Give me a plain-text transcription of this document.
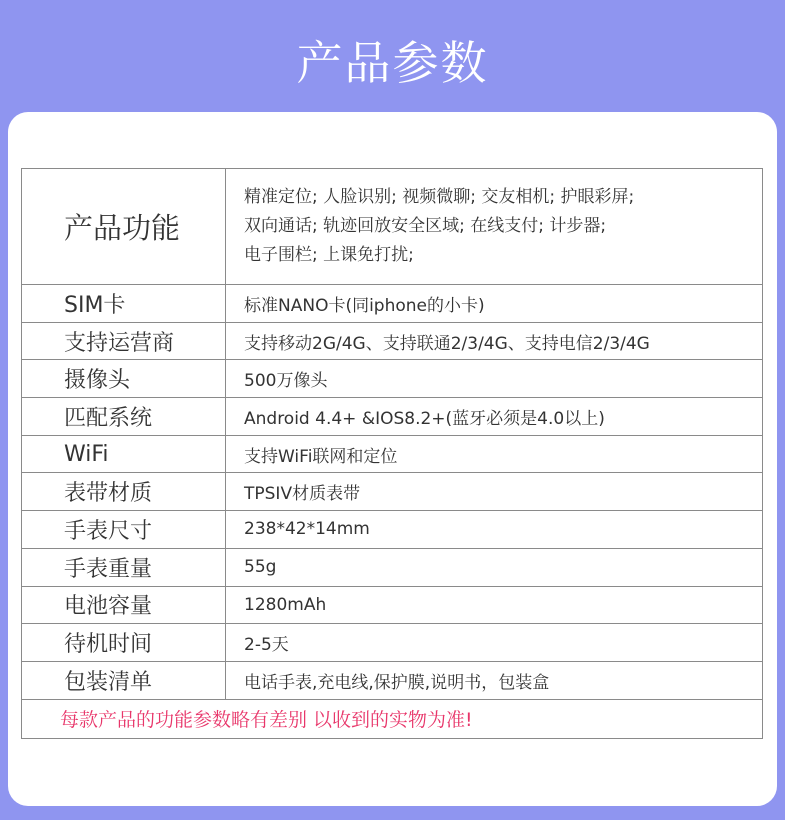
产品参数
产品功能	精准定位; 人脸识别; 视频微聊; 交友相机; 护眼彩屏;
双向通话; 轨迹回放安全区域; 在线支付; 计步器;
电子围栏; 上课免打扰;

SIM卡	标准NANO卡(同iphone的小卡)
支持运营商	支持移动2G/4G、支持联通2/3/4G、支持电信2/3/4G
摄像头	500万像头
匹配系统	Android 4.4+ &IOS8.2+(蓝牙必须是4.0以上)
WiFi	支持WiFi联网和定位
表带材质	TPSIV材质表带
手表尺寸	238*42*14mm
手表重量	55g
电池容量	1280mAh
待机时间	2-5天
包装清单	电话手表,充电线,保护膜,说明书，包装盒
每款产品的功能参数略有差别 以收到的实物为准!	
